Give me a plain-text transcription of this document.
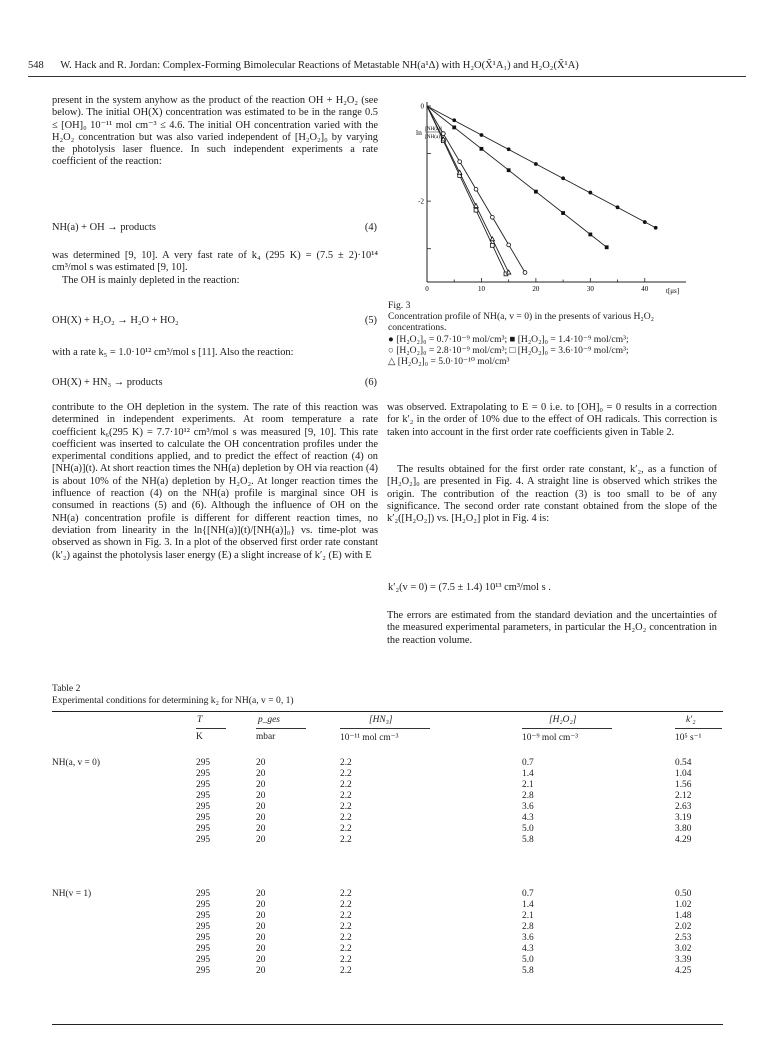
548 W. Hack and R. Jordan: Complex-Forming Bimolecular Reactions of Metastable NH(a¹Δ) with H₂O(X̃¹A₁) and H₂O₂(X̃¹A)

present in the system anyhow as the product of the reaction OH + H₂O₂ (see below). The initial OH(X) concentration was estimated to be in the range 0.5 ≤ [OH]₀ 10⁻¹¹ mol cm⁻³ ≤ 4.6. The initial OH concentration varied with the H₂O₂ concentration but was also varied independent of [H₂O₂]₀ by varying the photolysis laser fluence. In such independent experiments a rate coefficient of the reaction:

NH(a) + OH → products	(4)

was determined [9, 10]. A very fast rate of k₄ (295 K) = (7.5 ± 2)·10¹⁴ cm³/mol s was estimated [9, 10].

The OH is mainly depleted in the reaction:

OH(X) + H₂O₂ → H₂O + HO₂	(5)

with a rate k₅ = 1.0·10¹² cm³/mol s [11]. Also the reaction:

OH(X) + HN₃ → products	(6)

contribute to the OH depletion in the system. The rate of this reaction was determined in independent experiments. At room temperature a rate coefficient k₆(295 K) = 7.7·10¹² cm³/mol s was measured [9, 10]. This rate coefficient was inserted to calculate the OH concentration profiles under the experimental conditions applied, and to predict the effect of reaction (4) on [NH(a)](t). At short reaction times the NH(a) depletion by OH via reaction (4) is about 10% of the NH(a) depletion by H₂O₂. At longer reaction times the influence of reaction (4) on the NH(a) profile is marginal since OH is consumed in reactions (5) and (6). Although the influence of OH on the NH(a) concentration profile is different for different reaction times, no deviation from linearity in the ln{[NH(a)](t)/[NH(a)]₀} vs. time-plot was observed as shown in Fig. 3. In a plot of the observed first order rate constant (k′₂) against the photolysis laser energy (E) a slight increase of k′₂ (E) with E

0
-2
0	10	20	30	40
ln [NH(a)]
[NH(a)]₀
t[μs]
Fig. 3
Concentration profile of NH(a, v = 0) in the presents of various H₂O₂
concentrations.
● [H₂O₂]₀ = 0.7·10⁻⁹ mol/cm³; ■ [H₂O₂]₀ = 1.4·10⁻⁹ mol/cm³;
○ [H₂O₂]₀ = 2.8·10⁻⁹ mol/cm³; □ [H₂O₂]₀ = 3.6·10⁻⁹ mol/cm³;
△ [H₂O₂]₀ = 5.0·10⁻¹⁰ mol/cm³

was observed. Extrapolating to E = 0 i.e. to [OH]₀ = 0 results in a correction for k′₂ in the order of 10% due to the effect of OH radicals. This correction is taken into account in the first order rate coefficients given in Table 2.

The results obtained for the first order rate constant, k′₂, as a function of [H₂O₂]₀ are presented in Fig. 4. A straight line is observed which strikes the origin. The contribution of the reaction (3) is too small to be of any significance. The second order rate constant obtained from the slope of the k′₂([H₂O₂]) vs. [H₂O₂] plot in Fig. 4 is:

k′₂(v = 0) = (7.5 ± 1.4) 10¹³ cm³/mol s .

The errors are estimated from the standard deviation and the uncertainties of the measured experimental parameters, in particular the H₂O₂ concentration in the reaction volume.

Table 2
Experimental conditions for determining k₂ for NH(a, v = 0, 1)
T	p_ges	[HN₃]	[H₂O₂]	k′₂
K	mbar	10⁻¹¹ mol cm⁻³	10⁻⁹ mol cm⁻³	10⁵ s⁻¹
NH(a, v = 0)	295	20	2.2	0.7	0.54
295	20	2.2	1.4	1.04
295	20	2.2	2.1	1.56
295	20	2.2	2.8	2.12
295	20	2.2	3.6	2.63
295	20	2.2	4.3	3.19
295	20	2.2	5.0	3.80
295	20	2.2	5.8	4.29
NH(v = 1)	295	20	2.2	0.7	0.50
295	20	2.2	1.4	1.02
295	20	2.2	2.1	1.48
295	20	2.2	2.8	2.02
295	20	2.2	3.6	2.53
295	20	2.2	4.3	3.02
295	20	2.2	5.0	3.39
295	20	2.2	5.8	4.25
